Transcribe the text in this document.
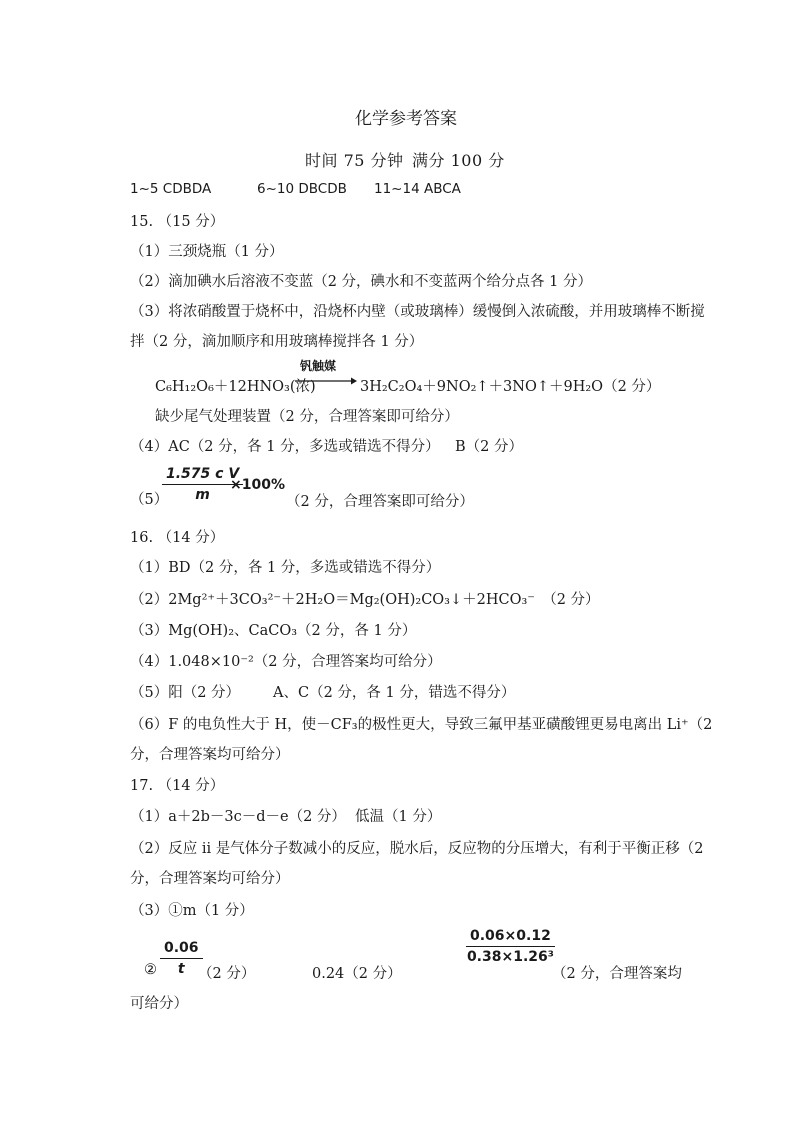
化学参考答案
时间 75 分钟 满分 100 分
1~5 CDBDA	6~10 DBCDB 11~14 ABCA
15. （15 分）
（1）三颈烧瓶（1 分）
（2）滴加碘水后溶液不变蓝（2 分，碘水和不变蓝两个给分点各 1 分）
（3）将浓硝酸置于烧杯中，沿烧杯内壁（或玻璃棒）缓慢倒入浓硫酸，并用玻璃棒不断搅
拌（2 分，滴加顺序和用玻璃棒搅拌各 1 分）
C₆H₁₂O₆＋12HNO₃(浓)
钒触媒
3H₂C₂O₄＋9NO₂↑＋3NO↑＋9H₂O（2 分）
缺少尾气处理装置（2 分，合理答案即可给分）
（4）AC（2 分，各 1 分，多选或错选不得分） B（2 分）
（5）
$\frac{\text{1.575 c V}}{m}$
×100%
（2 分，合理答案即可给分）
16. （14 分）
（1）BD（2 分，各 1 分，多选或错选不得分）
（2）2Mg²⁺＋3CO₃²⁻＋2H₂O＝Mg₂(OH)₂CO₃↓＋2HCO₃⁻　（2 分）
（3）Mg(OH)₂、CaCO₃（2 分，各 1 分）
（4）1.048×10⁻²（2 分，合理答案均可给分）
（5）阳（2 分） A、C（2 分，各 1 分，错选不得分）
（6）F 的电负性大于 H，使－CF₃的极性更大，导致三氟甲基亚磺酸锂更易电离出 Li⁺（2
分，合理答案均可给分）
17. （14 分）
（1）a＋2b－3c－d－e（2 分） 低温（1 分）
（2）反应 ⅱ 是气体分子数减小的反应，脱水后，反应物的分压增大，有利于平衡正移（2
分，合理答案均可给分）
（3）①m（1 分）
② $\frac{0.06}{t}$
（2 分）	0.24（2 分）
$\frac{0.06\times 0.12}{\text{0.38×1.26³}}$
（2 分，合理答案均
可给分）
